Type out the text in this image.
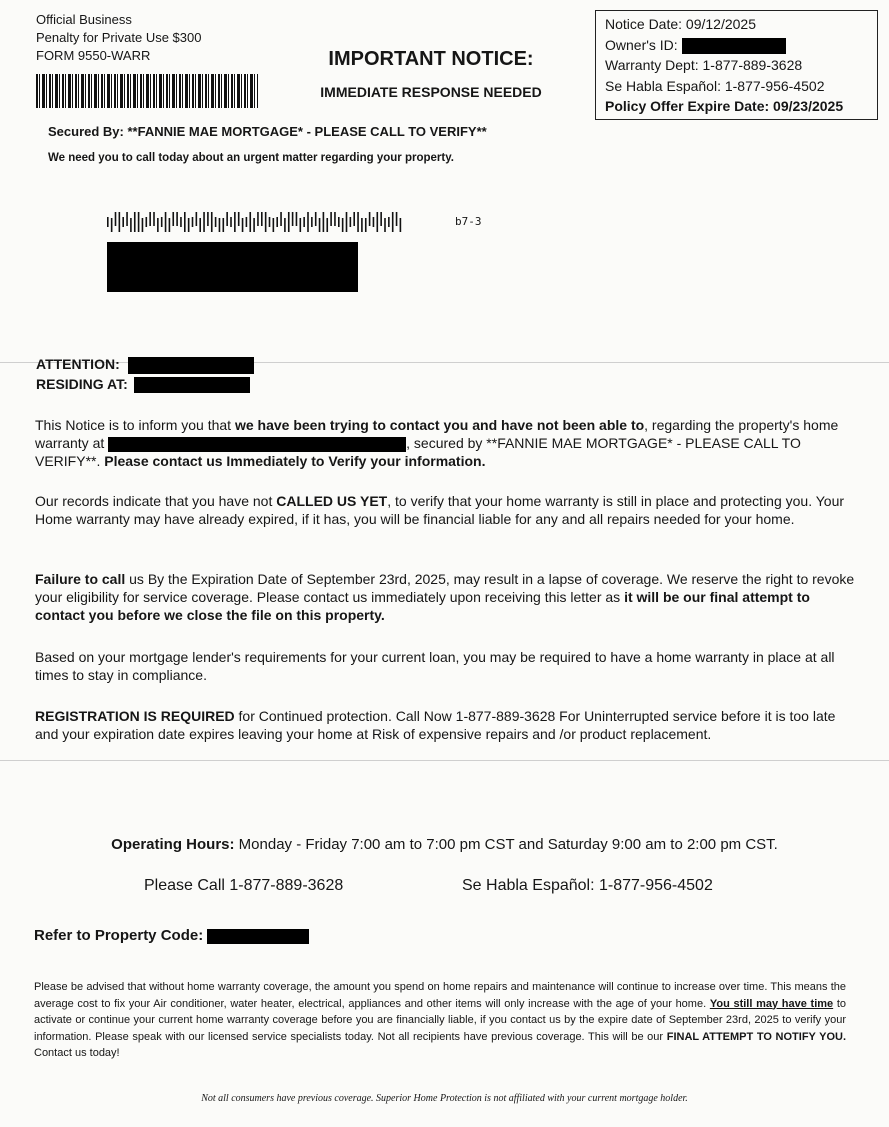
Official Business
Penalty for Private Use $300
FORM 9550-WARR	IMPORTANT NOTICE:
IMMEDIATE RESPONSE NEEDED
Notice Date: 09/12/2025
Owner's ID:
Warranty Dept: 1-877-889-3628
Se Habla Español: 1-877-956-4502
Policy Offer Expire Date: 09/23/2025
Secured By: **FANNIE MAE MORTGAGE* - PLEASE CALL TO VERIFY**
We need you to call today about an urgent matter regarding your property.
b7-3
ATTENTION:
RESIDING AT:
This Notice is to inform you that we have been trying to contact you and have not been able to, regarding the property's home warranty at	, secured by **FANNIE MAE MORTGAGE* - PLEASE CALL TO VERIFY**. Please contact us Immediately to Verify your information.
Our records indicate that you have not CALLED US YET, to verify that your home warranty is still in place and protecting you. Your Home warranty may have already expired, if it has, you will be financial liable for any and all repairs needed for your home.
Failure to call us By the Expiration Date of September 23rd, 2025, may result in a lapse of coverage. We reserve the right to revoke your eligibility for service coverage. Please contact us immediately upon receiving this letter as it will be our final attempt to contact you before we close the file on this property.
Based on your mortgage lender's requirements for your current loan, you may be required to have a home warranty in place at all times to stay in compliance.
REGISTRATION IS REQUIRED for Continued protection. Call Now 1-877-889-3628 For Uninterrupted service before it is too late and your expiration date expires leaving your home at Risk of expensive repairs and /or product replacement.
Operating Hours: Monday - Friday 7:00 am to 7:00 pm CST and Saturday 9:00 am to 2:00 pm CST.
Please Call 1-877-889-3628	Se Habla Español: 1-877-956-4502
Refer to Property Code:
Please be advised that without home warranty coverage, the amount you spend on home repairs and maintenance will continue to increase over time. This means the average cost to fix your Air conditioner, water heater, electrical, appliances and other items will only increase with the age of your home. You still may have time to activate or continue your current home warranty coverage before you are financially liable, if you contact us by the expire date of September 23rd, 2025 to verify your information. Please speak with our licensed service specialists today. Not all recipients have previous coverage. This will be our FINAL ATTEMPT TO NOTIFY YOU. Contact us today!
Not all consumers have previous coverage. Superior Home Protection is not affiliated with your current mortgage holder.
